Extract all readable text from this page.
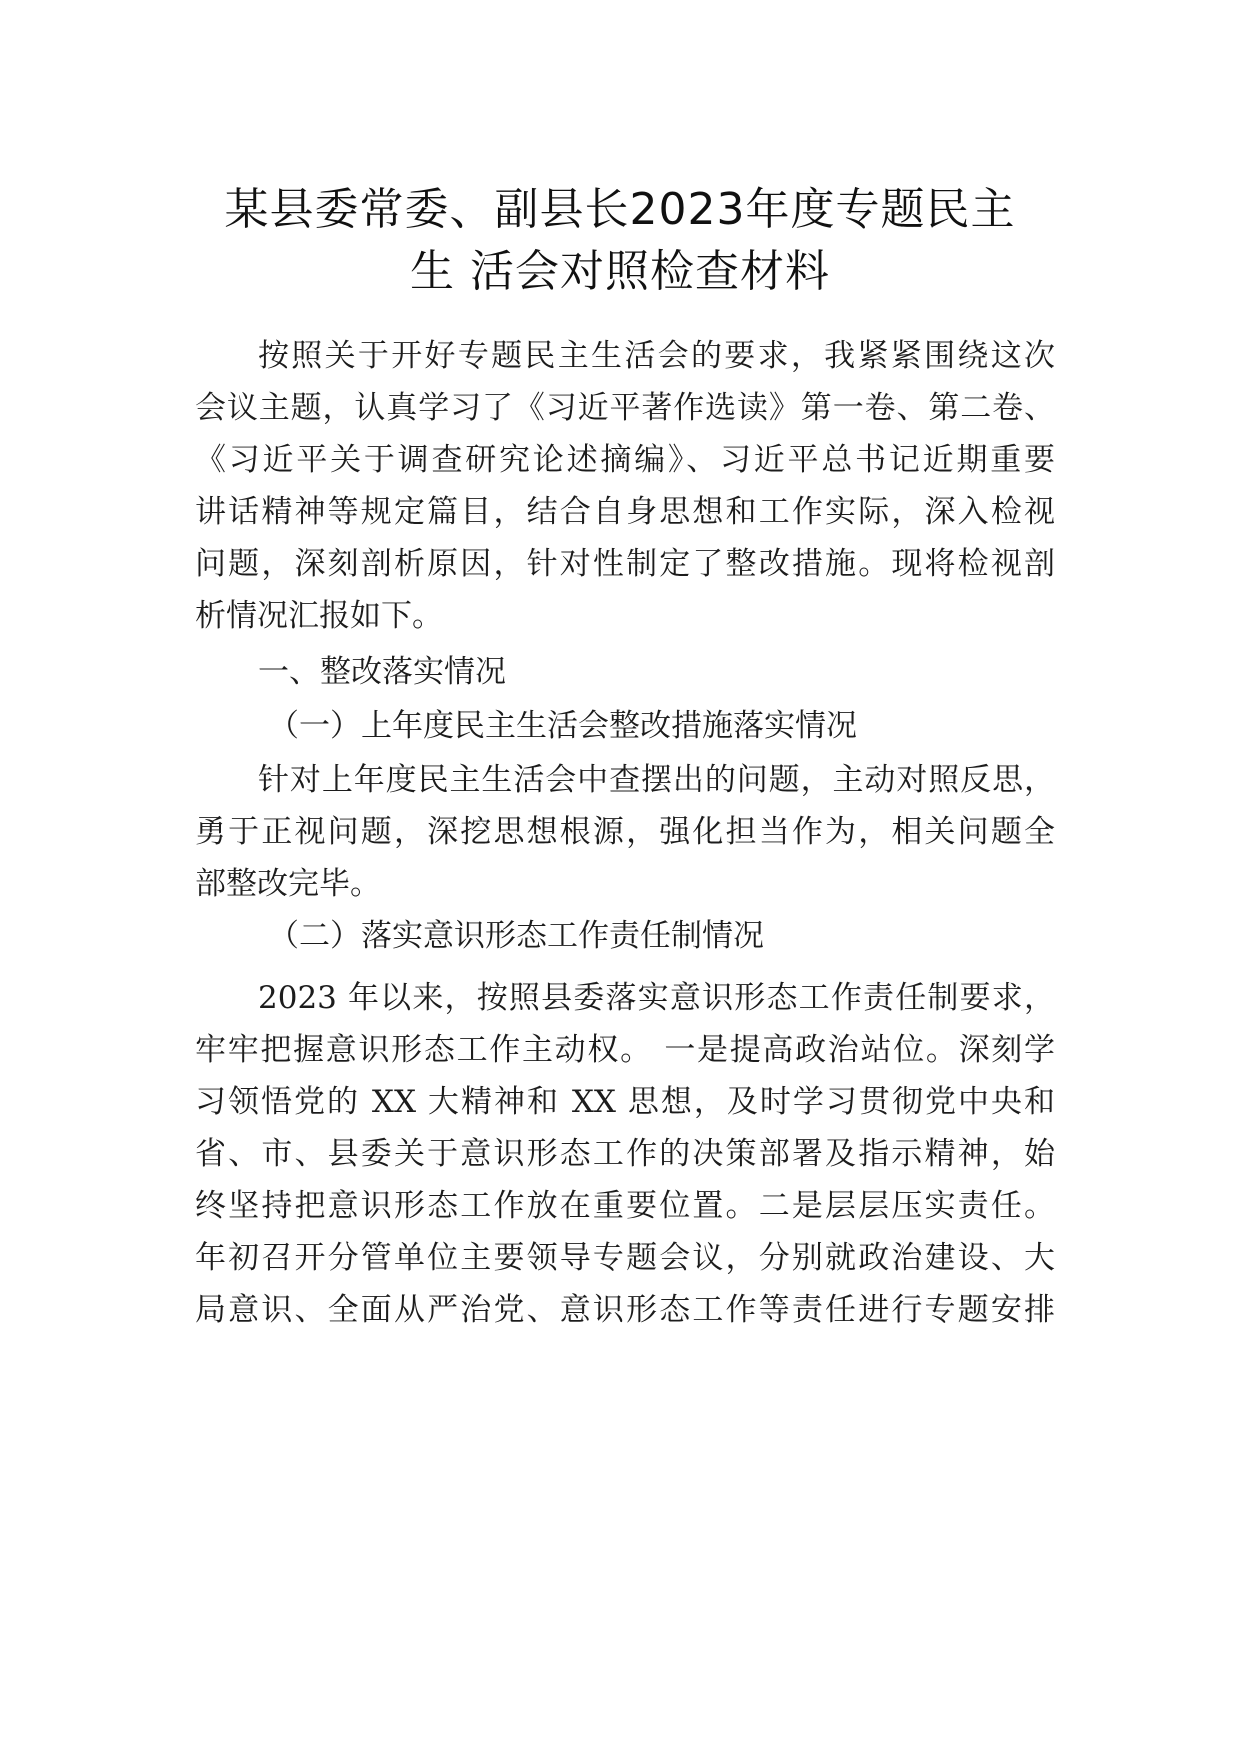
某县委常委、副县长2023年度专题民主
生 活会对照检查材料
按照关于开好专题民主生活会的要求，我紧紧围绕这次
会议主题，认真学习了《习近平著作选读》第一卷、第二卷、
《习近平关于调查研究论述摘编》、习近平总书记近期重要
讲话精神等规定篇目，结合自身思想和工作实际，深入检视
问题，深刻剖析原因，针对性制定了整改措施。现将检视剖
析情况汇报如下。
一、整改落实情况
（一）上年度民主生活会整改措施落实情况
针对上年度民主生活会中查摆出的问题，主动对照反思，
勇于正视问题，深挖思想根源，强化担当作为，相关问题全
部整改完毕。
（二）落实意识形态工作责任制情况
2023 年以来，按照县委落实意识形态工作责任制要求，
牢牢把握意识形态工作主动权。 一是提高政治站位。深刻学
习领悟党的 XX 大精神和 XX 思想，及时学习贯彻党中央和
省、市、县委关于意识形态工作的决策部署及指示精神，始
终坚持把意识形态工作放在重要位置。二是层层压实责任。
年初召开分管单位主要领导专题会议，分别就政治建设、大
局意识、全面从严治党、意识形态工作等责任进行专题安排
